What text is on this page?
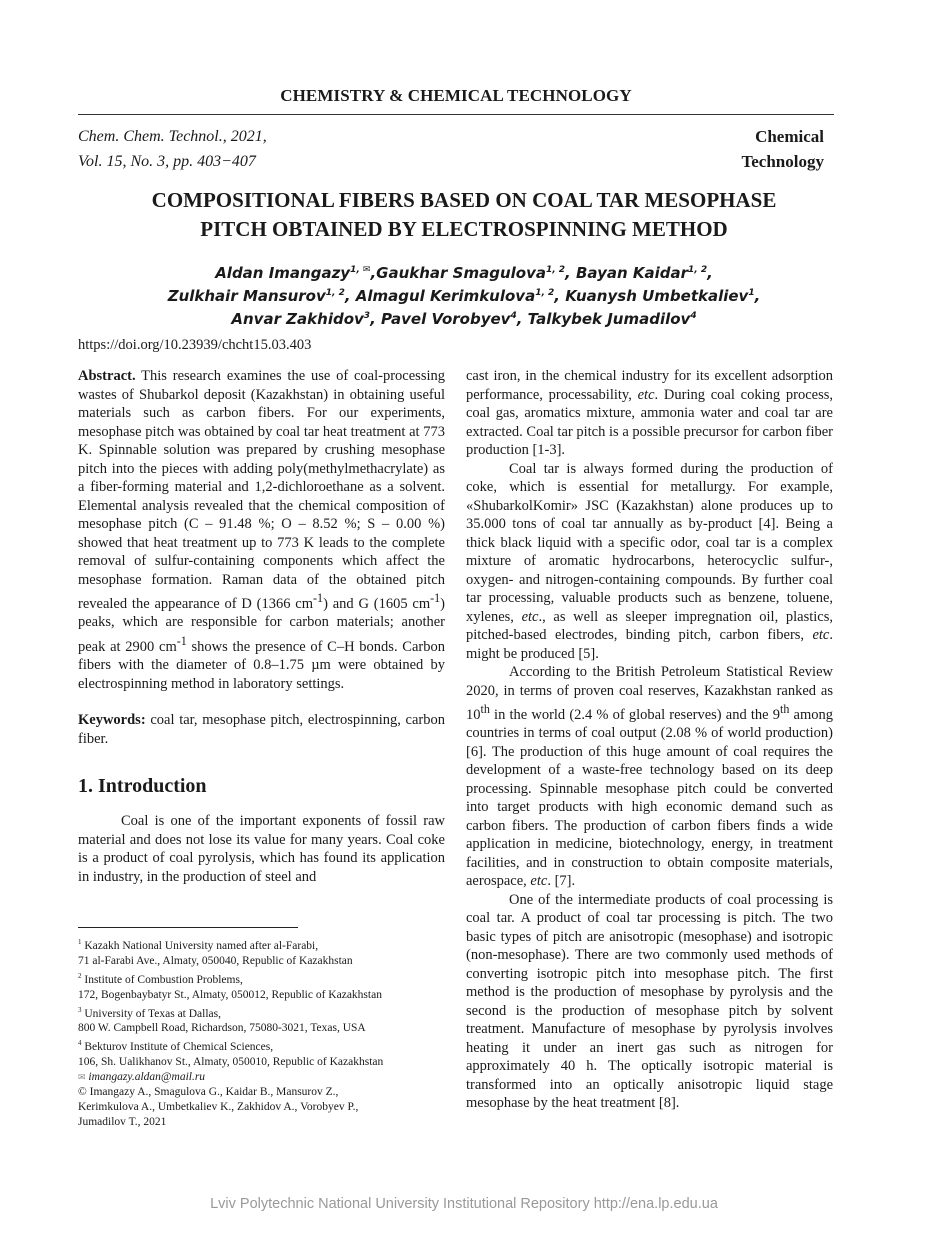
CHEMISTRY & CHEMICAL TECHNOLOGY
Chem. Chem. Technol., 2021,
Vol. 15, No. 3, pp. 403−407
Chemical
Technology
COMPOSITIONAL FIBERS BASED ON COAL TAR MESOPHASE
PITCH OBTAINED BY ELECTROSPINNING METHOD
Aldan Imangazy$^{1, ✉}$,Gaukhar Smagulova$^{1, 2}$, Bayan Kaidar$^{1, 2}$,
Zulkhair Mansurov$^{1, 2}$, Almagul Kerimkulova$^{1, 2}$, Kuanysh Umbetkaliev$^1$,
Anvar Zakhidov$^3$, Pavel Vorobyev$^4$, Talkybek Jumadilov$^4$
https://doi.org/10.23939/chcht15.03.403

Abstract. This research examines the use of coal-processing wastes of Shubarkol deposit (Kazakhstan) in obtaining useful materials such as carbon fibers. For our experiments, mesophase pitch was obtained by coal tar heat treatment at 773 K. Spinnable solution was prepared by crushing mesophase pitch into the pieces with adding poly(methylmethacrylate) as a fiber-forming material and 1,2-dichloroethane as a solvent. Elemental analysis revealed that the chemical composition of mesophase pitch (C – 91.48 %; O – 8.52 %; S – 0.00 %) showed that heat treatment up to 773 K leads to the complete removal of sulfur-containing components which affect the mesophase formation. Raman data of the obtained pitch revealed the appearance of D (1366 $cm^{-1}$) and G (1605 $cm^{-1}$) peaks, which are responsible for carbon materials; another peak at 2900 $cm^{-1}$ shows the presence of C–H bonds. Carbon fibers with the diameter of 0.8–1.75 µm were obtained by electrospinning method in laboratory settings.

Keywords: coal tar, mesophase pitch, electrospinning, carbon fiber.

1. Introduction

Coal is one of the important exponents of fossil raw material and does not lose its value for many years. Coal coke is a product of coal pyrolysis, which has found its application in industry, in the production of steel and

$^1$ Kazakh National University named after al-Farabi,
71 al-Farabi Ave., Almaty, 050040, Republic of Kazakhstan
$^2$ Institute of Combustion Problems,
172, Bogenbaybatyr St., Almaty, 050012, Republic of Kazakhstan
$^3$ University of Texas at Dallas,
800 W. Campbell Road, Richardson, 75080-3021, Texas, USA
$^4$ Bekturov Institute of Chemical Sciences,
106, Sh. Ualikhanov St., Almaty, 050010, Republic of Kazakhstan
✉ imangazy.aldan@mail.ru
© Imangazy A., Smagulova G., Kaidar B., Mansurov Z.,
Kerimkulova A., Umbetkaliev K., Zakhidov A., Vorobyev P.,
Jumadilov T., 2021

cast iron, in the chemical industry for its excellent adsorption performance, processability, etc. During coal coking process, coal gas, aromatics mixture, ammonia water and coal tar are extracted. Coal tar pitch is a possible precursor for carbon fiber production [1-3].

Coal tar is always formed during the production of coke, which is essential for metallurgy. For example, «ShubarkolKomir» JSC (Kazakhstan) alone produces up to 35.000 tons of coal tar annually as by-product [4]. Being a thick black liquid with a specific odor, coal tar is a complex mixture of aromatic hydrocarbons, heterocyclic sulfur-, oxygen- and nitrogen-containing compounds. By further coal tar processing, valuable products such as benzene, toluene, xylenes, etc., as well as sleeper impregnation oil, plastics, pitched-based electrodes, binding pitch, carbon fibers, etc. might be produced [5].

According to the British Petroleum Statistical Review 2020, in terms of proven coal reserves, Kazakhstan ranked as 10th in the world (2.4 % of global reserves) and the 9th among countries in terms of coal output (2.08 % of world production) [6]. The production of this huge amount of coal requires the development of a waste-free technology based on its deep processing. Spinnable mesophase pitch could be converted into target products with high economic demand such as carbon fibers. The production of carbon fibers finds a wide application in medicine, biotechnology, energy, in treatment facilities, and in construction to obtain composite materials, aerospace, etc. [7].

One of the intermediate products of coal processing is coal tar. A product of coal tar processing is pitch. The two basic types of pitch are anisotropic (mesophase) and isotropic (non-mesophase). There are two commonly used methods of converting isotropic pitch into mesophase pitch. The first method is the production of mesophase by pyrolysis and the second is the production of mesophase pitch by solvent treatment. Manufacture of mesophase by pyrolysis involves heating it under an inert gas such as nitrogen for approximately 40 h. The optically isotropic material is transformed into an optically anisotropic liquid stage mesophase by the heat treatment [8].

Lviv Polytechnic National University Institutional Repository http://ena.lp.edu.ua
